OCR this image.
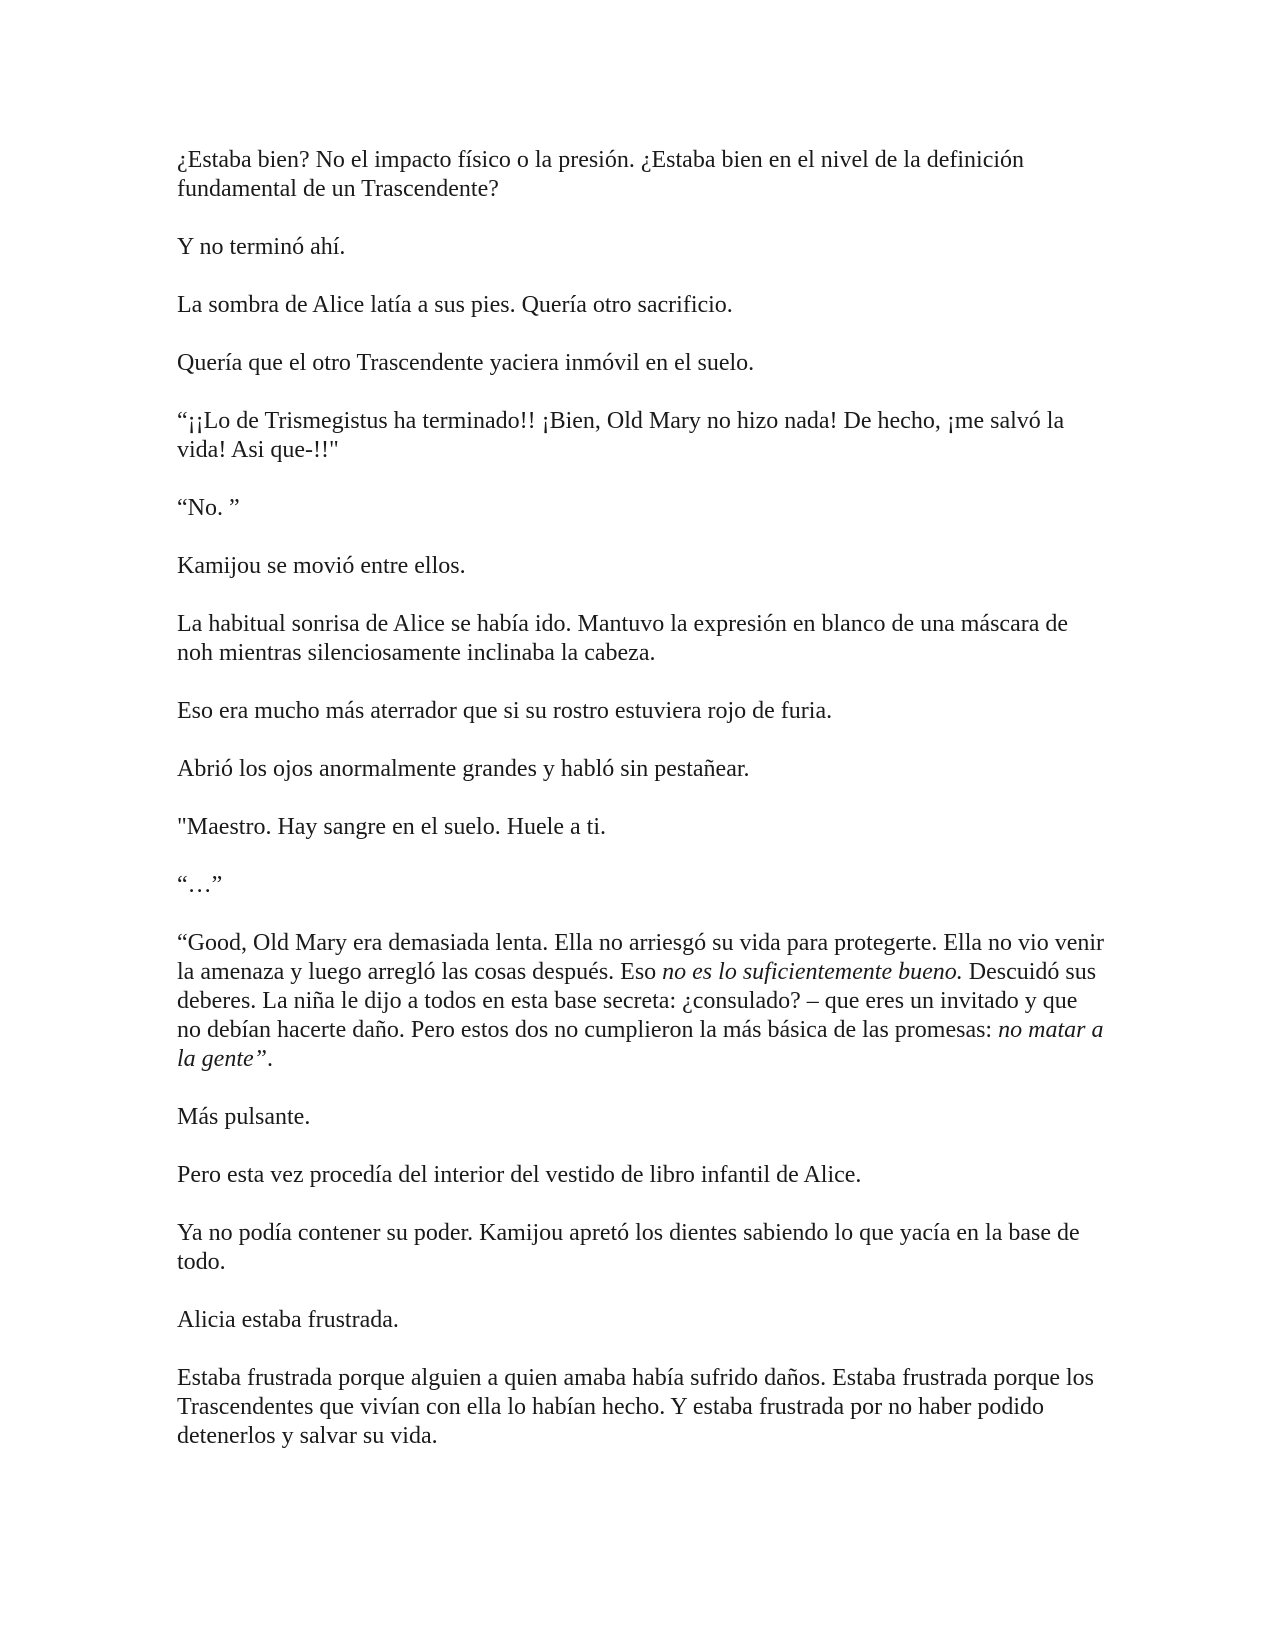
¿Estaba bien? No el impacto físico o la presión. ¿Estaba bien en el nivel de la definición fundamental de un Trascendente?

Y no terminó ahí.

La sombra de Alice latía a sus pies. Quería otro sacrificio.

Quería que el otro Trascendente yaciera inmóvil en el suelo.

“¡¡Lo de Trismegistus ha terminado!! ¡Bien, Old Mary no hizo nada! De hecho, ¡me salvó la vida! Asi que-!!"

“No. ”

Kamijou se movió entre ellos.

La habitual sonrisa de Alice se había ido. Mantuvo la expresión en blanco de una máscara de noh mientras silenciosamente inclinaba la cabeza.

Eso era mucho más aterrador que si su rostro estuviera rojo de furia.

Abrió los ojos anormalmente grandes y habló sin pestañear.

"Maestro. Hay sangre en el suelo. Huele a ti.

“…”

“Good, Old Mary era demasiada lenta. Ella no arriesgó su vida para protegerte. Ella no vio venir la amenaza y luego arregló las cosas después. Eso no es lo suficientemente bueno. Descuidó sus deberes. La niña le dijo a todos en esta base secreta: ¿consulado? – que eres un invitado y que no debían hacerte daño. Pero estos dos no cumplieron la más básica de las promesas: no matar a la gente”.

Más pulsante.

Pero esta vez procedía del interior del vestido de libro infantil de Alice.

Ya no podía contener su poder. Kamijou apretó los dientes sabiendo lo que yacía en la base de todo.

Alicia estaba frustrada.

Estaba frustrada porque alguien a quien amaba había sufrido daños. Estaba frustrada porque los Trascendentes que vivían con ella lo habían hecho. Y estaba frustrada por no haber podido detenerlos y salvar su vida.
